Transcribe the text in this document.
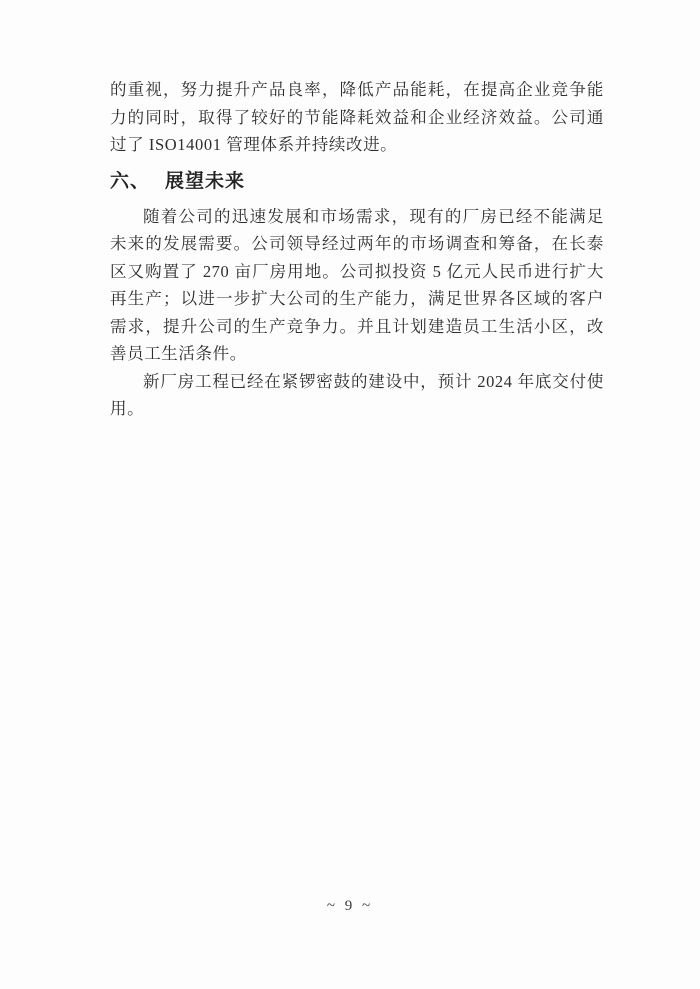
的重视，努力提升产品良率，降低产品能耗，在提高企业竞争能力的同时，取得了较好的节能降耗效益和企业经济效益。公司通过了 ISO14001 管理体系并持续改进。

六、 展望未来

随着公司的迅速发展和市场需求，现有的厂房已经不能满足未来的发展需要。公司领导经过两年的市场调查和筹备，在长泰区又购置了 270 亩厂房用地。公司拟投资 5 亿元人民币进行扩大再生产；以进一步扩大公司的生产能力，满足世界各区域的客户需求，提升公司的生产竞争力。并且计划建造员工生活小区，改善员工生活条件。

新厂房工程已经在紧锣密鼓的建设中，预计 2024 年底交付使用。

~ 9 ~
